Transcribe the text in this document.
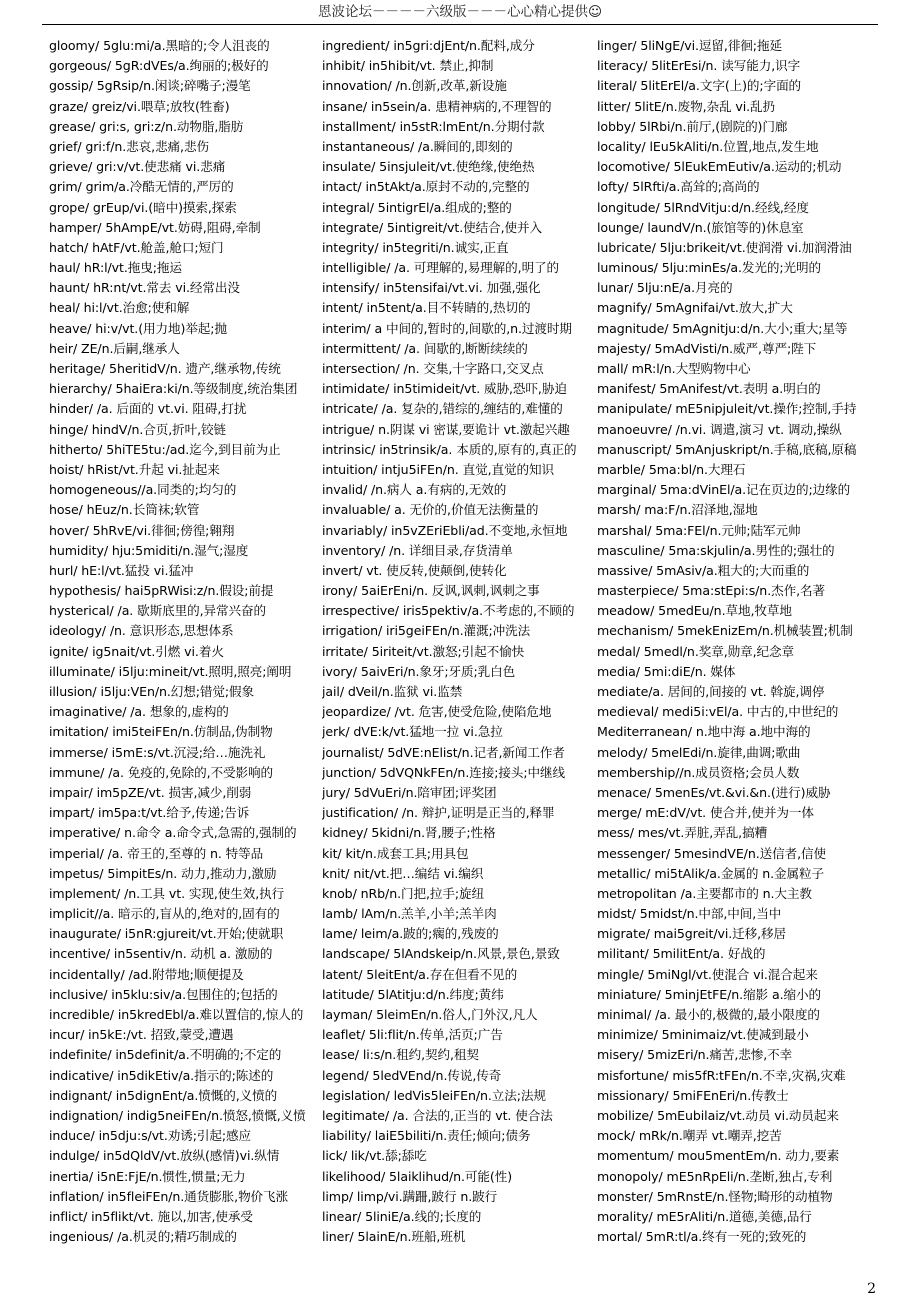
恩波论坛－－－－六级版－－－心心精心提供☺
gloomy/ 5glu:mi/a.黑暗的;令人沮丧的
gorgeous/ 5gR:dVEs/a.绚丽的;极好的
gossip/ 5gRsip/n.闲谈;碎嘴子;漫笔
graze/ greiz/vi.喂草;放牧(牲畜)
grease/ gri:s, gri:z/n.动物脂,脂肪
grief/ gri:f/n.悲哀,悲痛,悲伤
grieve/ gri:v/vt.使悲痛 vi.悲痛
grim/ grim/a.冷酷无情的,严厉的
grope/ grEup/vi.(暗中)摸索,探索
hamper/ 5hAmpE/vt.妨碍,阻碍,牵制
hatch/ hAtF/vt.舱盖,舱口;短门
haul/ hR:l/vt.拖曳;拖运
haunt/ hR:nt/vt.常去 vi.经常出没
heal/ hi:l/vt.治愈;使和解
heave/ hi:v/vt.(用力地)举起;抛
heir/ ZE/n.后嗣,继承人
heritage/ 5heritidV/n. 遗产,继承物,传统
hierarchy/ 5haiEra:ki/n.等级制度,统治集团
hinder/ /a. 后面的 vt.vi. 阻碍,打扰
hinge/ hindV/n.合页,折叶,铰链
hitherto/ 5hiTE5tu:/ad.迄今,到目前为止
hoist/ hRist/vt.升起 vi.扯起来
homogeneous//a.同类的;均匀的
hose/ hEuz/n.长筒袜;软管
hover/ 5hRvE/vi.徘徊;傍徨;翱翔
humidity/ hju:5miditi/n.湿气;湿度
hurl/ hE:l/vt.猛投 vi.猛冲
hypothesis/ hai5pRWisi:z/n.假设;前提
hysterical/ /a. 歇斯底里的,异常兴奋的
ideology/ /n. 意识形态,思想体系
ignite/ ig5nait/vt.引燃 vi.着火
illuminate/ i5lju:mineit/vt.照明,照亮;阐明
illusion/ i5lju:VEn/n.幻想;错觉;假象
imaginative/ /a. 想象的,虚构的
imitation/ imi5teiFEn/n.仿制品,伪制物
immerse/ i5mE:s/vt.沉浸;给…施洗礼
immune/ /a. 免疫的,免除的,不受影响的
impair/ im5pZE/vt. 损害,减少,削弱
impart/ im5pa:t/vt.给予,传递;告诉
imperative/ n.命令 a.命令式,急需的,强制的
imperial/ /a. 帝王的,至尊的 n. 特等品
impetus/ 5impitEs/n. 动力,推动力,激励
implement/ /n.工具 vt. 实现,使生效,执行
implicit//a. 暗示的,盲从的,绝对的,固有的
inaugurate/ i5nR:gjureit/vt.开始;使就职
incentive/ in5sentiv/n. 动机 a. 激励的
incidentally/ /ad.附带地;顺便提及
inclusive/ in5klu:siv/a.包围住的;包括的
incredible/ in5kredEbl/a.难以置信的,惊人的
incur/ in5kE:/vt. 招致,蒙受,遭遇
indefinite/ in5definit/a.不明确的;不定的
indicative/ in5dikEtiv/a.指示的;陈述的
indignant/ in5dignEnt/a.愤慨的,义愤的
indignation/ indig5neiFEn/n.愤怒,愤慨,义愤
induce/ in5dju:s/vt.劝诱;引起;感应
indulge/ in5dQldV/vt.放纵(感情)vi.纵情
inertia/ i5nE:FjE/n.惯性,惯量;无力
inflation/ in5fleiFEn/n.通货膨胀,物价飞涨
inflict/ in5flikt/vt. 施以,加害,使承受
ingenious/ /a.机灵的;精巧制成的
ingredient/ in5gri:djEnt/n.配料,成分
inhibit/ in5hibit/vt. 禁止,抑制
innovation/ /n.创新,改革,新设施
insane/ in5sein/a. 患精神病的,不理智的
installment/ in5stR:lmEnt/n.分期付款
instantaneous/ /a.瞬间的,即刻的
insulate/ 5insjuleit/vt.使绝缘,使绝热
intact/ in5tAkt/a.原封不动的,完整的
integral/ 5intigrEl/a.组成的;整的
integrate/ 5intigreit/vt.使结合,使并入
integrity/ in5tegriti/n.诚实,正直
intelligible/ /a. 可理解的,易理解的,明了的
intensify/ in5tensifai/vt.vi. 加强,强化
intent/ in5tent/a.目不转睛的,热切的
interim/ a 中间的,暂时的,间歇的,n.过渡时期
intermittent/ /a. 间歇的,断断续续的
intersection/ /n. 交集,十字路口,交叉点
intimidate/ in5timideit/vt. 威胁,恐吓,胁迫
intricate/ /a. 复杂的,错综的,缠结的,难懂的
intrigue/ n.阴谋 vi 密谋,要诡计 vt.激起兴趣
intrinsic/ in5trinsik/a. 本质的,原有的,真正的
intuition/ intju5iFEn/n. 直觉,直觉的知识
invalid/ /n.病人 a.有病的,无效的
invaluable/ a. 无价的,价值无法衡量的
invariably/ in5vZEriEbli/ad.不变地,永恒地
inventory/ /n. 详细目录,存货清单
invert/ vt. 使反转,使颠倒,使转化
irony/ 5aiErEni/n. 反讽,讽刺,讽刺之事
irrespective/ iris5pektiv/a.不考虑的,不顾的
irrigation/ iri5geiFEn/n.灌溉;冲洗法
irritate/ 5iriteit/vt.激怒;引起不愉快
ivory/ 5aivEri/n.象牙;牙质;乳白色
jail/ dVeil/n.监狱 vi.监禁
jeopardize/ /vt. 危害,使受危险,使陷危地
jerk/ dVE:k/vt.猛地一拉 vi.急拉
journalist/ 5dVE:nElist/n.记者,新闻工作者
junction/ 5dVQNkFEn/n.连接;接头;中继线
jury/ 5dVuEri/n.陪审团;评奖团
justification/ /n. 辩护,证明是正当的,释罪
kidney/ 5kidni/n.肾,腰子;性格
kit/ kit/n.成套工具;用具包
knit/ nit/vt.把…编结 vi.编织
knob/ nRb/n.门把,拉手;旋纽
lamb/ lAm/n.羔羊,小羊;羔羊肉
lame/ leim/a.跛的;瘸的,残废的
landscape/ 5lAndskeip/n.风景,景色,景致
latent/ 5leitEnt/a.存在但看不见的
latitude/ 5lAtitju:d/n.纬度;黄纬
layman/ 5leimEn/n.俗人,门外汉,凡人
leaflet/ 5li:flit/n.传单,活页;广告
lease/ li:s/n.租约,契约,租契
legend/ 5ledVEnd/n.传说,传奇
legislation/ ledVis5leiFEn/n.立法;法规
legitimate/ /a. 合法的,正当的 vt. 使合法
liability/ laiE5biliti/n.责任;倾向;债务
lick/ lik/vt.舔;舔吃
likelihood/ 5laiklihud/n.可能(性)
limp/ limp/vi.蹒跚,跛行 n.跛行
linear/ 5liniE/a.线的;长度的
liner/ 5lainE/n.班船,班机
linger/ 5liNgE/vi.逗留,徘徊;拖延
literacy/ 5litErEsi/n. 读写能力,识字
literal/ 5litErEl/a.文字(上)的;字面的
litter/ 5litE/n.废物,杂乱 vi.乱扔
lobby/ 5lRbi/n.前厅,(剧院的)门廊
locality/ lEu5kAliti/n.位置,地点,发生地
locomotive/ 5lEukEmEutiv/a.运动的;机动
lofty/ 5lRfti/a.高耸的;高尚的
longitude/ 5lRndVitju:d/n.经线,经度
lounge/ laundV/n.(旅馆等的)休息室
lubricate/ 5lju:brikeit/vt.使润滑 vi.加润滑油
luminous/ 5lju:minEs/a.发光的;光明的
lunar/ 5lju:nE/a.月亮的
magnify/ 5mAgnifai/vt.放大,扩大
magnitude/ 5mAgnitju:d/n.大小;重大;星等
majesty/ 5mAdVisti/n.威严,尊严;陛下
mall/ mR:l/n.大型购物中心
manifest/ 5mAnifest/vt.表明 a.明白的
manipulate/ mE5nipjuleit/vt.操作;控制,手持
manoeuvre/ /n.vi. 调遣,演习 vt. 调动,操纵
manuscript/ 5mAnjuskript/n.手稿,底稿,原稿
marble/ 5ma:bl/n.大理石
marginal/ 5ma:dVinEl/a.记在页边的;边缘的
marsh/ ma:F/n.沼泽地,湿地
marshal/ 5ma:FEl/n.元帅;陆军元帅
masculine/ 5ma:skjulin/a.男性的;强壮的
massive/ 5mAsiv/a.粗大的;大而重的
masterpiece/ 5ma:stEpi:s/n.杰作,名著
meadow/ 5medEu/n.草地,牧草地
mechanism/ 5mekEnizEm/n.机械装置;机制
medal/ 5medl/n.奖章,勋章,纪念章
media/ 5mi:diE/n. 媒体
mediate/a. 居间的,间接的 vt. 斡旋,调停
medieval/ medi5i:vEl/a. 中古的,中世纪的
Mediterranean/ n.地中海 a.地中海的
melody/ 5melEdi/n.旋律,曲调;歌曲
membership//n.成员资格;会员人数
menace/ 5menEs/vt.&vi.&n.(进行)威胁
merge/ mE:dV/vt. 使合并,使并为一体
mess/ mes/vt.弄脏,弄乱,搞糟
messenger/ 5mesindVE/n.送信者,信使
metallic/ mi5tAlik/a.金属的 n.金属粒子
metropolitan /a.主要都市的 n.大主教
midst/ 5midst/n.中部,中间,当中
migrate/ mai5greit/vi.迁移,移居
militant/ 5militEnt/a. 好战的
mingle/ 5miNgl/vt.使混合 vi.混合起来
miniature/ 5minjEtFE/n.缩影 a.缩小的
minimal/ /a. 最小的,极微的,最小限度的
minimize/ 5minimaiz/vt.使减到最小
misery/ 5mizEri/n.痛苦,悲惨,不幸
misfortune/ mis5fR:tFEn/n.不幸,灾祸,灾难
missionary/ 5miFEnEri/n.传教士
mobilize/ 5mEubilaiz/vt.动员 vi.动员起来
mock/ mRk/n.嘲弄 vt.嘲弄,挖苦
momentum/ mou5mentEm/n. 动力,要素
monopoly/ mE5nRpEli/n.垄断,独占,专利
monster/ 5mRnstE/n.怪物;畸形的动植物
morality/ mE5rAliti/n.道德,美德,品行
mortal/ 5mR:tl/a.终有一死的;致死的
2
